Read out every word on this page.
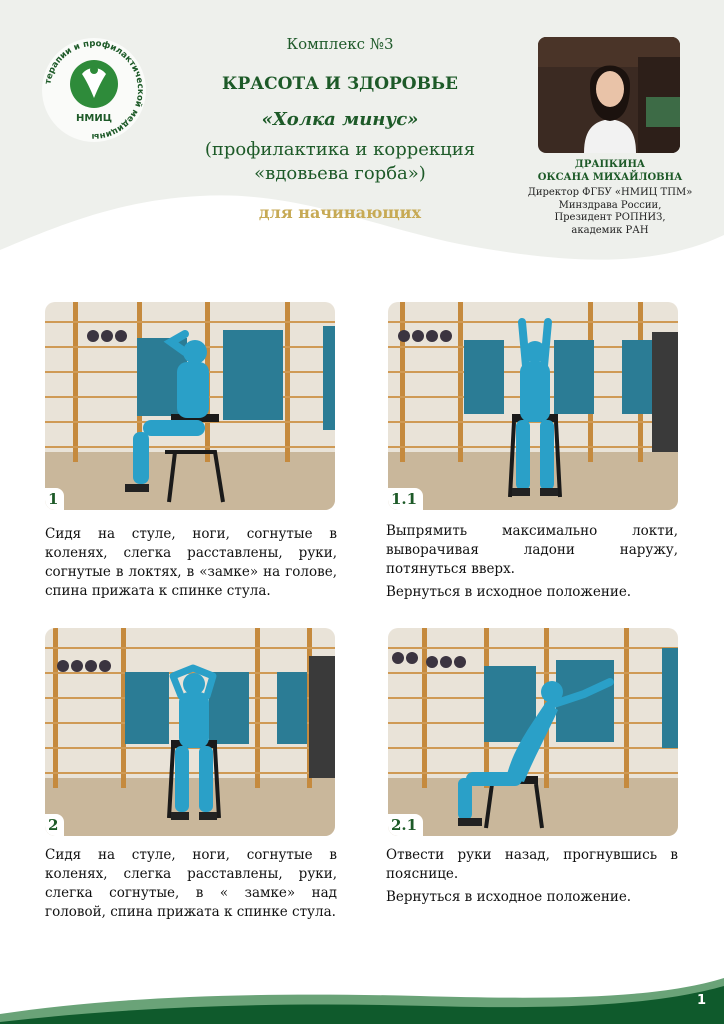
терапии и профилактической медицины
НМИЦ
Комплекс №3
КРАСОТА И ЗДОРОВЬЕ
«Холка минус»
(профилактика и коррекция
«вдовьева горба»)
для начинающих
ДРАПКИНА
ОКСАНА МИХАЙЛОВНА
Директор ФГБУ «НМИЦ ТПМ»
Минздрава России,
Президент РОПНИЗ,
академик РАН
1

Сидя на стуле, ноги, согнутые в коленях, слегка расставлены, руки, согнутые в локтях, в «замке» на голове, спина прижата к спинке стула.

1.1

Выпрямить максимально локти, выворачивая ладони наружу, потянуться вверх.

Вернуться в исходное положение.

2

Сидя на стуле, ноги, согнутые в коленях, слегка расставлены, руки, слегка согнутые, в « замке» над головой, спина прижата к спинке стула.

2.1

Отвести руки назад, прогнувшись в пояснице.

Вернуться в исходное положение.

1
